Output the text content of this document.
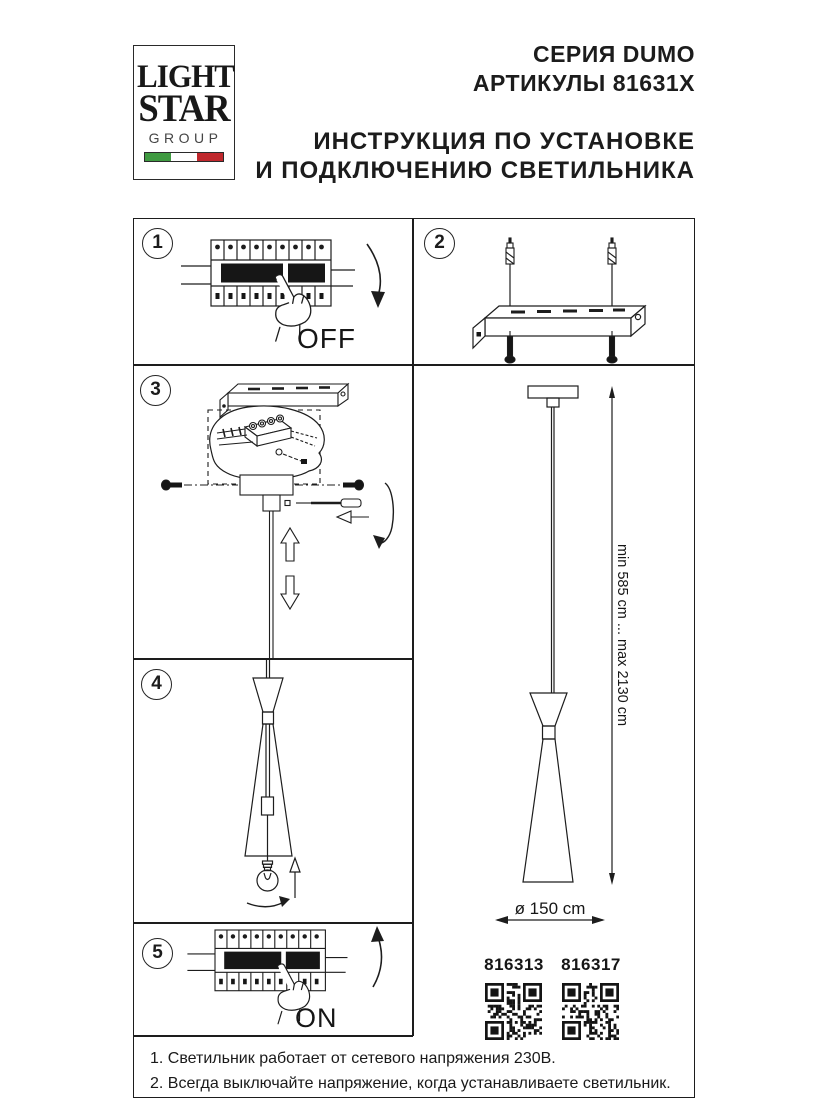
LIGHT
STAR
GROUP
СЕРИЯ DUMO
АРТИКУЛЫ 81631X
ИНСТРУКЦИЯ ПО УСТАНОВКЕ
И ПОДКЛЮЧЕНИЮ СВЕТИЛЬНИКА
1	2
3
4
5
OFF
ON
min 585 cm ... max 2130 cm
ø 150 cm
816313 816317
1. Светильник работает от сетевого напряжения 230В.
2. Всегда выключайте напряжение, когда устанавливаете светильник.
